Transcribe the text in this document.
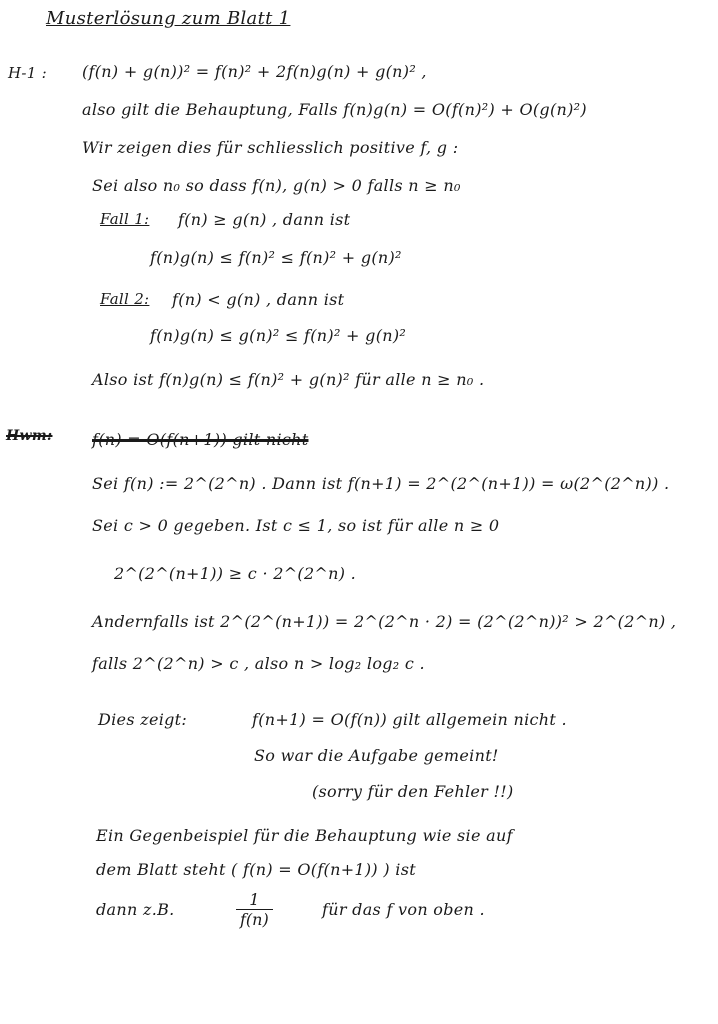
Musterlösung zum Blatt 1
H-1 : (f(n) + g(n))² = f(n)² + 2f(n)g(n) + g(n)² ,
also gilt die Behauptung, Falls f(n)g(n) = O(f(n)²) + O(g(n)²)
Wir zeigen dies für schliesslich positive f, g :
Sei also n₀ so dass f(n), g(n) > 0 falls n ≥ n₀
Fall 1: f(n) ≥ g(n) , dann ist
f(n)g(n) ≤ f(n)² ≤ f(n)² + g(n)²
Fall 2: f(n) < g(n) , dann ist
f(n)g(n) ≤ g(n)² ≤ f(n)² + g(n)²
Also ist f(n)g(n) ≤ f(n)² + g(n)² für alle n ≥ n₀ .
Hwm: f(n) = O(f(n+1)) gilt nicht
Sei f(n) := 2^(2^n) . Dann ist f(n+1) = 2^(2^(n+1)) = ω(2^(2^n)) .
Sei c > 0 gegeben. Ist c ≤ 1, so ist für alle n ≥ 0
2^(2^(n+1)) ≥ c · 2^(2^n) .
Andernfalls ist 2^(2^(n+1)) = 2^(2^n · 2) = (2^(2^n))² > 2^(2^n) ,
falls 2^(2^n) > c , also n > log₂ log₂ c .
Dies zeigt:	f(n+1) = O(f(n)) gilt allgemein nicht .
So war die Aufgabe gemeint!
(sorry für den Fehler !!)
Ein Gegenbeispiel für die Behauptung wie sie auf
dem Blatt steht ( f(n) = O(f(n+1)) ) ist
dann z.B.	$\frac{1}{f(n)}$	für das f von oben .
